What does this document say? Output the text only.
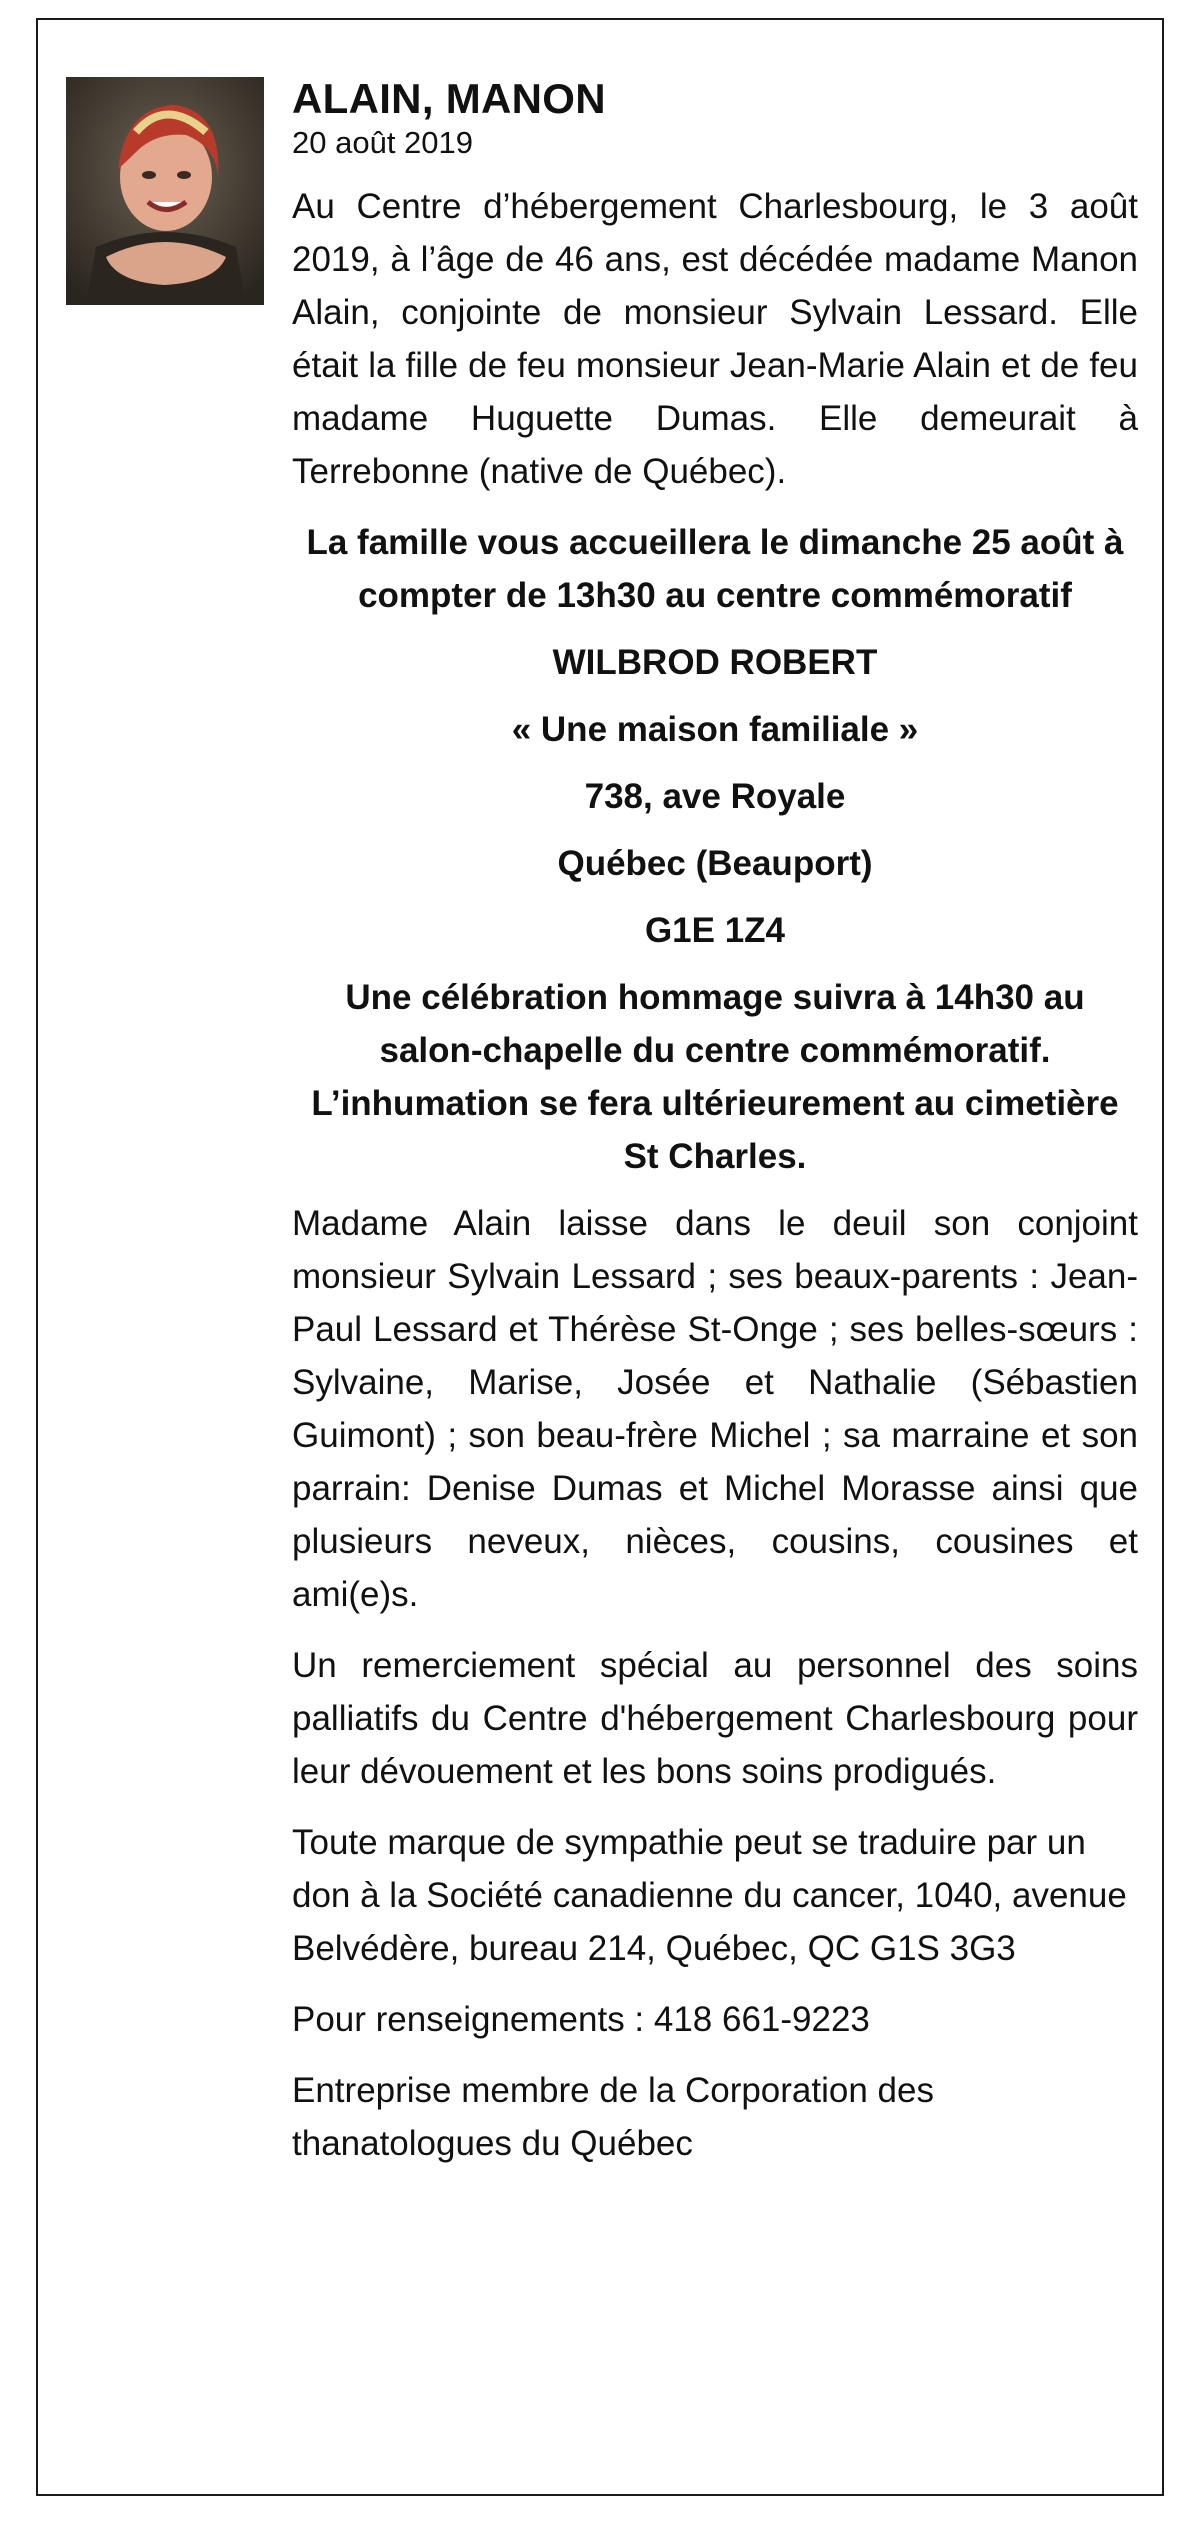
ALAIN, MANON
20 août 2019

Au Centre d’hébergement Charlesbourg, le 3 août 2019, à l’âge de 46 ans, est décédée madame Manon Alain, conjointe de monsieur Sylvain Lessard. Elle était la fille de feu monsieur Jean-Marie Alain et de feu madame Huguette Dumas. Elle demeurait à Terrebonne (native de Québec).

La famille vous accueillera le dimanche 25 août à compter de 13h30 au centre commémoratif

WILBROD ROBERT

« Une maison familiale »

738, ave Royale

Québec (Beauport)

G1E 1Z4

Une célébration hommage suivra à 14h30 au salon-chapelle du centre commémoratif. L’inhumation se fera ultérieurement au cimetière St Charles.

Madame Alain laisse dans le deuil son conjoint monsieur Sylvain Lessard ; ses beaux-parents : Jean-Paul Lessard et Thérèse St-Onge ; ses belles-sœurs : Sylvaine, Marise, Josée et Nathalie (Sébastien Guimont) ; son beau-frère Michel ; sa marraine et son parrain: Denise Dumas et Michel Morasse ainsi que plusieurs neveux, nièces, cousins, cousines et ami(e)s.

Un remerciement spécial au personnel des soins palliatifs du Centre d'hébergement Charlesbourg pour leur dévouement et les bons soins prodigués.

Toute marque de sympathie peut se traduire par un don à la Société canadienne du cancer, 1040, avenue Belvédère, bureau 214, Québec, QC G1S 3G3

Pour renseignements : 418 661-9223

Entreprise membre de la Corporation des thanatologues du Québec
